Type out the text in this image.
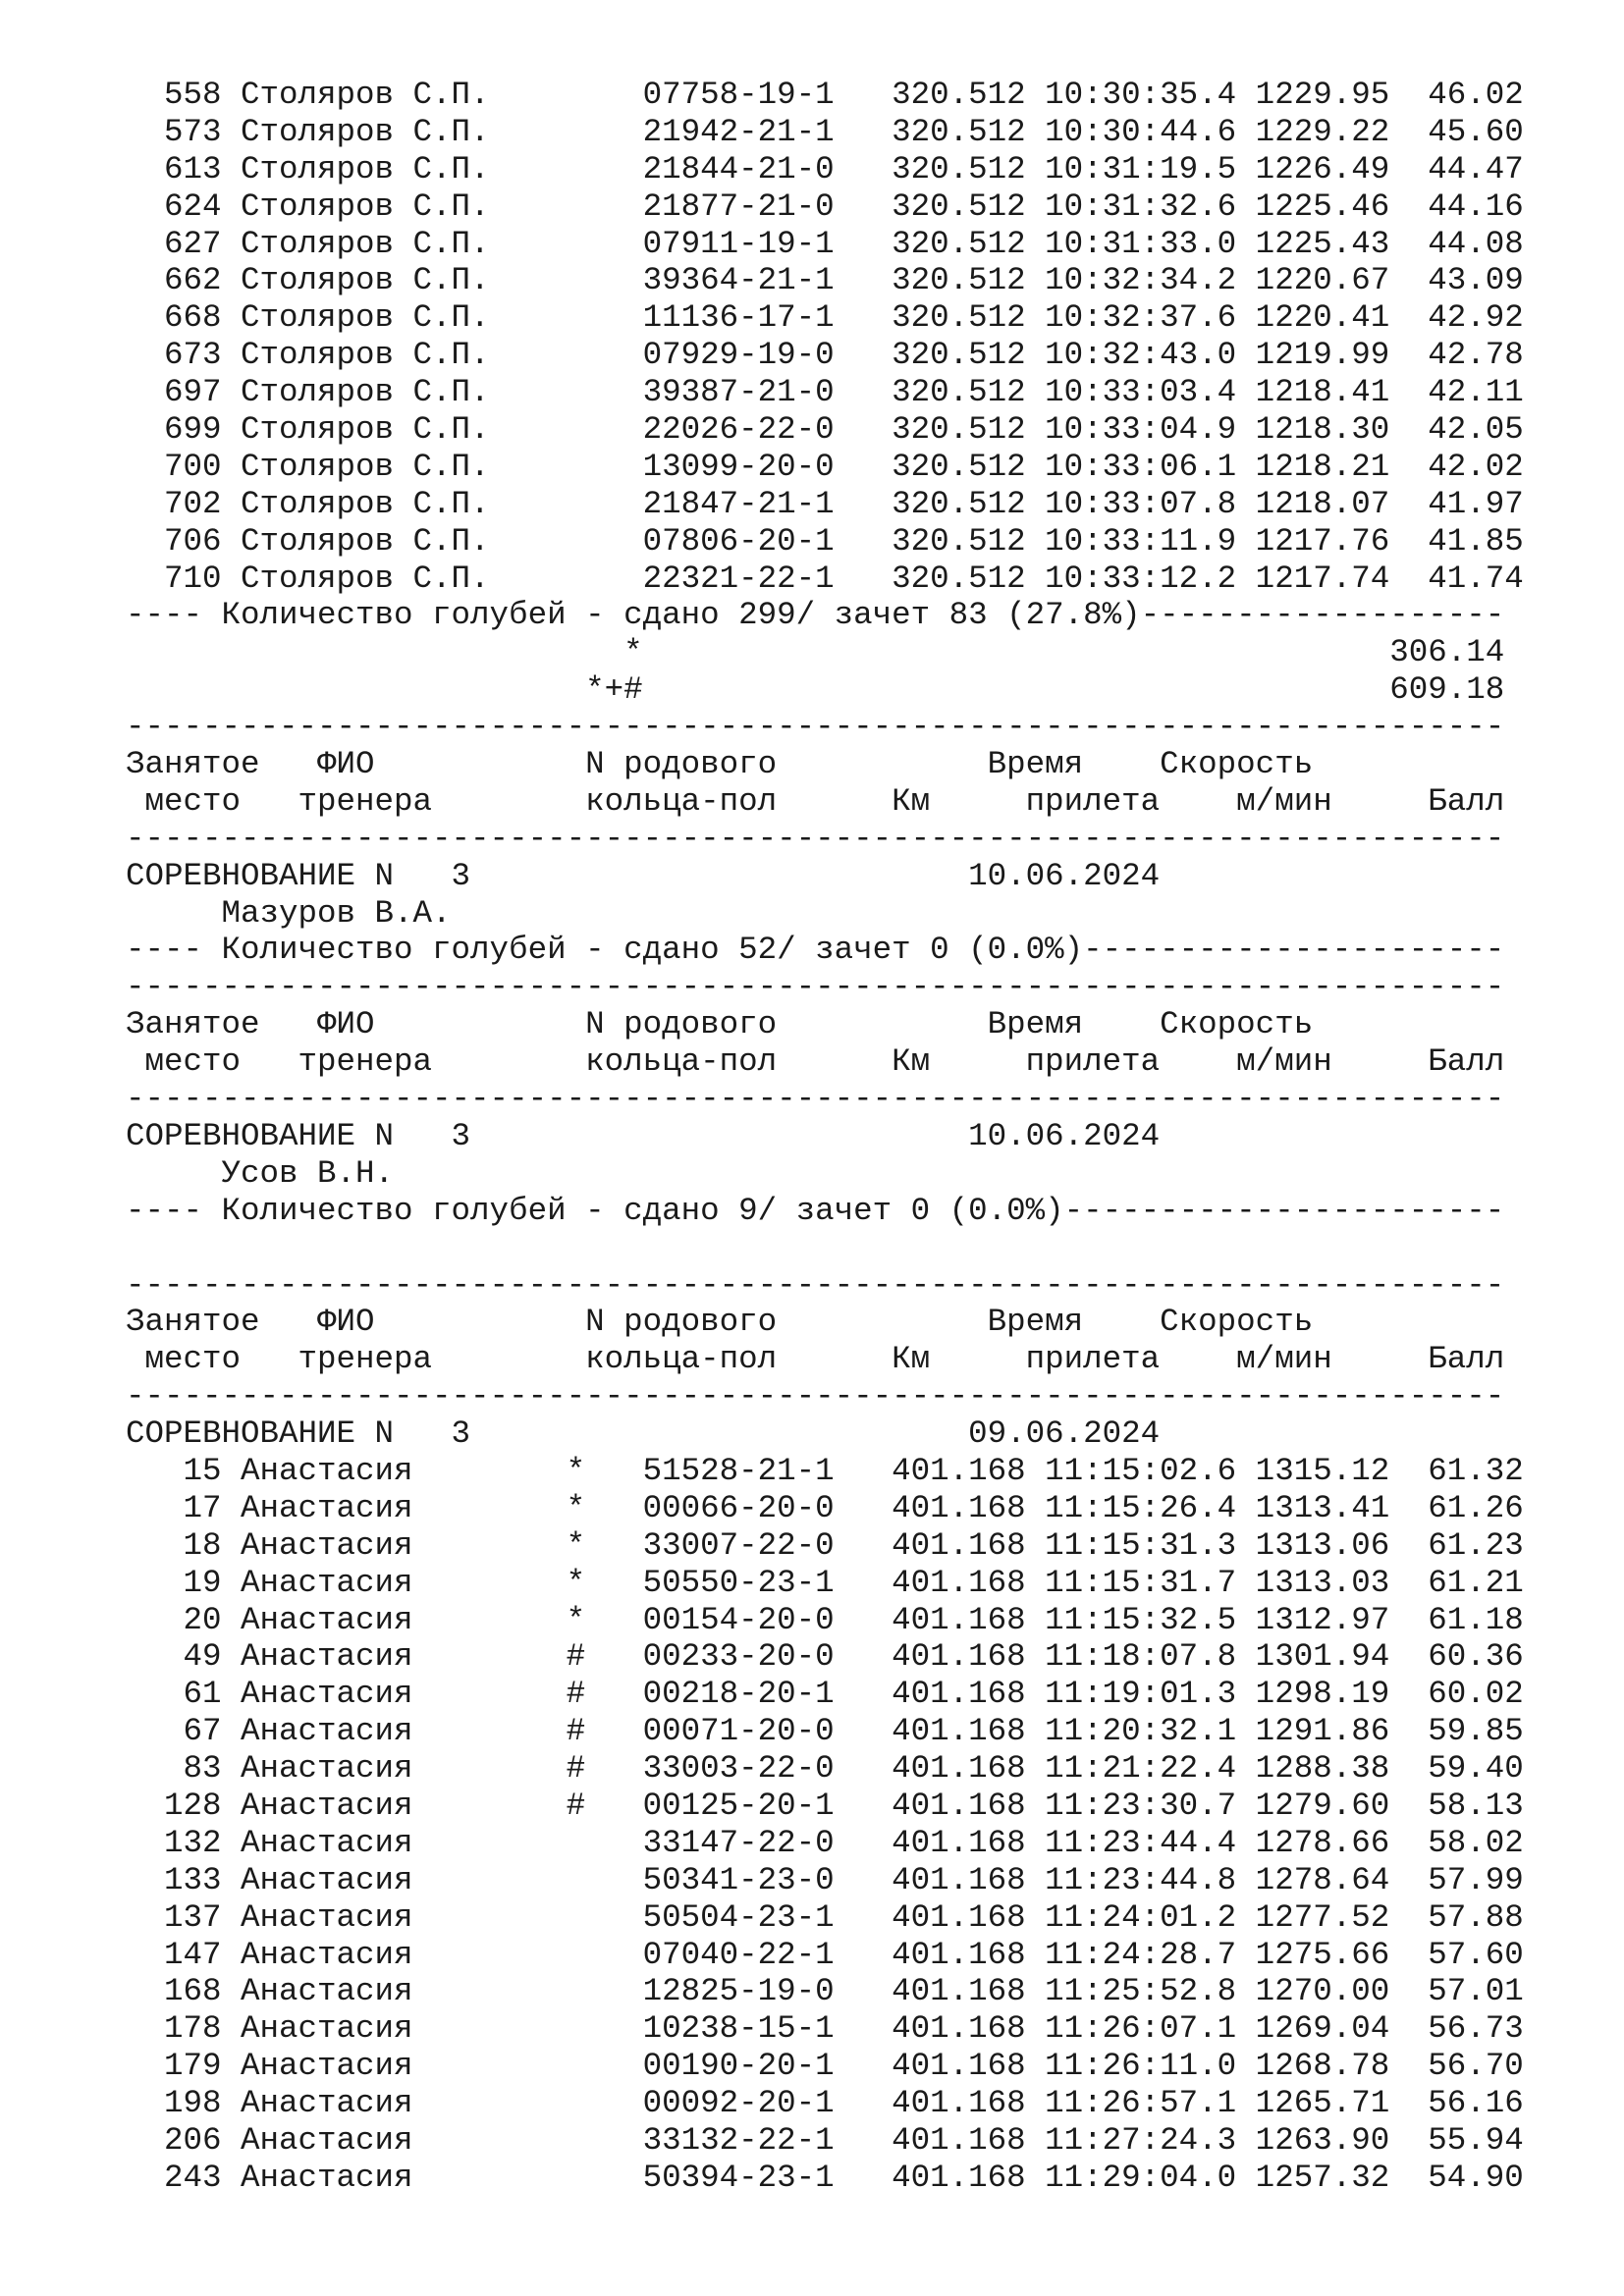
558 Столяров С.П.        07758-19-1   320.512 10:30:35.4 1229.95  46.02
573 Столяров С.П.        21942-21-1   320.512 10:30:44.6 1229.22  45.60
613 Столяров С.П.        21844-21-0   320.512 10:31:19.5 1226.49  44.47
624 Столяров С.П.        21877-21-0   320.512 10:31:32.6 1225.46  44.16
627 Столяров С.П.        07911-19-1   320.512 10:31:33.0 1225.43  44.08
662 Столяров С.П.        39364-21-1   320.512 10:32:34.2 1220.67  43.09
668 Столяров С.П.        11136-17-1   320.512 10:32:37.6 1220.41  42.92
673 Столяров С.П.        07929-19-0   320.512 10:32:43.0 1219.99  42.78
697 Столяров С.П.        39387-21-0   320.512 10:33:03.4 1218.41  42.11
699 Столяров С.П.        22026-22-0   320.512 10:33:04.9 1218.30  42.05
700 Столяров С.П.        13099-20-0   320.512 10:33:06.1 1218.21  42.02
702 Столяров С.П.        21847-21-1   320.512 10:33:07.8 1218.07  41.97
706 Столяров С.П.        07806-20-1   320.512 10:33:11.9 1217.76  41.85
710 Столяров С.П.        22321-22-1   320.512 10:33:12.2 1217.74  41.74
---- Количество голубей - сдано 299/ зачет 83 (27.8%)-------------------
*                                       306.14
*+#                                       609.18
------------------------------------------------------------------------
Занятое   ФИО           N родового           Время    Скорость
место   тренера        кольца-пол      Км     прилета    м/мин     Балл
------------------------------------------------------------------------
СОРЕВНОВАНИЕ N   3                          10.06.2024
Мазуров В.А.
---- Количество голубей - сдано 52/ зачет 0 (0.0%)----------------------
------------------------------------------------------------------------
Занятое   ФИО           N родового           Время    Скорость
место   тренера        кольца-пол      Км     прилета    м/мин     Балл
------------------------------------------------------------------------
СОРЕВНОВАНИЕ N   3                          10.06.2024
Усов В.Н.
---- Количество голубей - сдано 9/ зачет 0 (0.0%)-----------------------
------------------------------------------------------------------------
Занятое   ФИО           N родового           Время    Скорость
место   тренера        кольца-пол      Км     прилета    м/мин     Балл
------------------------------------------------------------------------
СОРЕВНОВАНИЕ N   3                          09.06.2024
15 Анастасия        *   51528-21-1   401.168 11:15:02.6 1315.12  61.32
17 Анастасия        *   00066-20-0   401.168 11:15:26.4 1313.41  61.26
18 Анастасия        *   33007-22-0   401.168 11:15:31.3 1313.06  61.23
19 Анастасия        *   50550-23-1   401.168 11:15:31.7 1313.03  61.21
20 Анастасия        *   00154-20-0   401.168 11:15:32.5 1312.97  61.18
49 Анастасия        #   00233-20-0   401.168 11:18:07.8 1301.94  60.36
61 Анастасия        #   00218-20-1   401.168 11:19:01.3 1298.19  60.02
67 Анастасия        #   00071-20-0   401.168 11:20:32.1 1291.86  59.85
83 Анастасия        #   33003-22-0   401.168 11:21:22.4 1288.38  59.40
128 Анастасия        #   00125-20-1   401.168 11:23:30.7 1279.60  58.13
132 Анастасия            33147-22-0   401.168 11:23:44.4 1278.66  58.02
133 Анастасия            50341-23-0   401.168 11:23:44.8 1278.64  57.99
137 Анастасия            50504-23-1   401.168 11:24:01.2 1277.52  57.88
147 Анастасия            07040-22-1   401.168 11:24:28.7 1275.66  57.60
168 Анастасия            12825-19-0   401.168 11:25:52.8 1270.00  57.01
178 Анастасия            10238-15-1   401.168 11:26:07.1 1269.04  56.73
179 Анастасия            00190-20-1   401.168 11:26:11.0 1268.78  56.70
198 Анастасия            00092-20-1   401.168 11:26:57.1 1265.71  56.16
206 Анастасия            33132-22-1   401.168 11:27:24.3 1263.90  55.94
243 Анастасия            50394-23-1   401.168 11:29:04.0 1257.32  54.90
